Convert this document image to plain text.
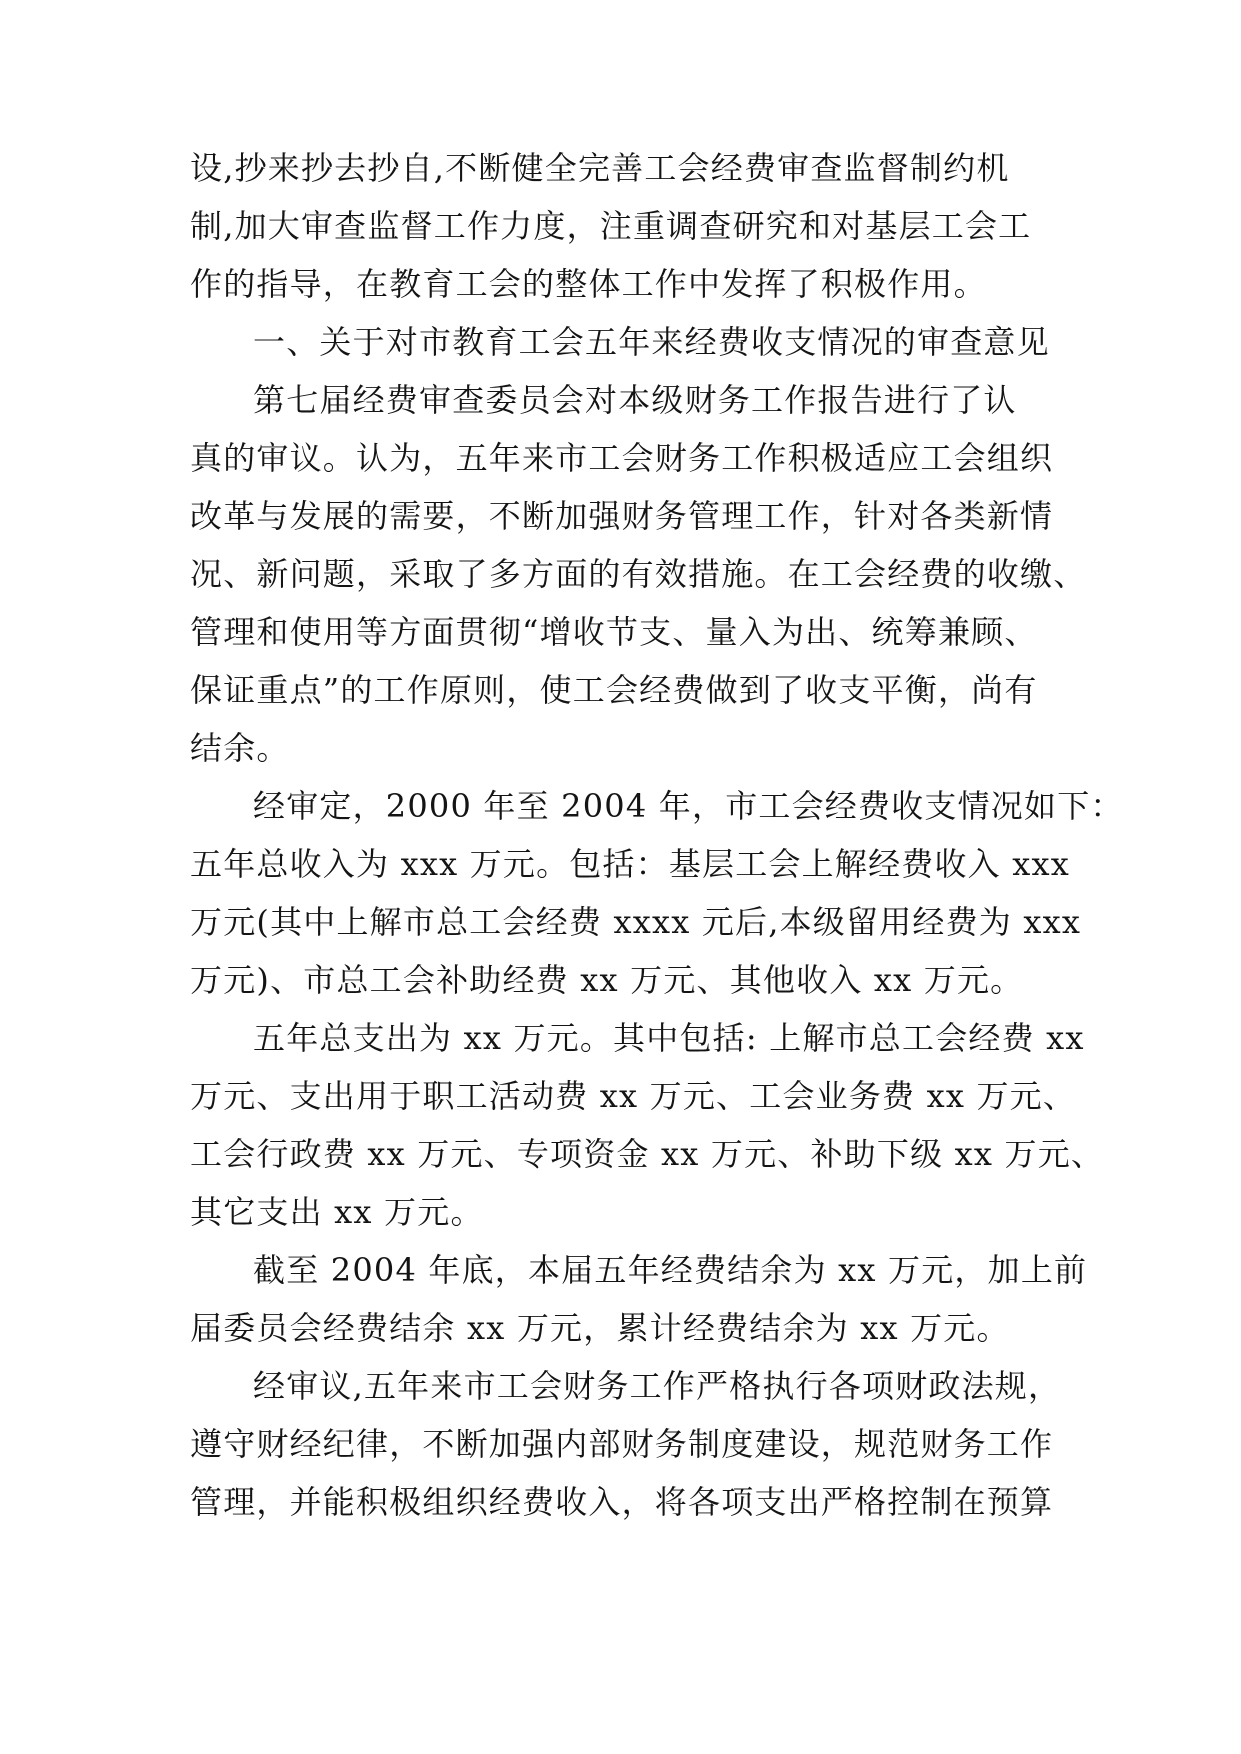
设,抄来抄去抄自,不断健全完善工会经费审查监督制约机
制,加大审查监督工作力度，注重调查研究和对基层工会工
作的指导，在教育工会的整体工作中发挥了积极作用。
一、关于对市教育工会五年来经费收支情况的审查意见
第七届经费审查委员会对本级财务工作报告进行了认
真的审议。认为，五年来市工会财务工作积极适应工会组织
改革与发展的需要，不断加强财务管理工作，针对各类新情
况、新问题，采取了多方面的有效措施。在工会经费的收缴、
管理和使用等方面贯彻“增收节支、量入为出、统筹兼顾、
保证重点”的工作原则，使工会经费做到了收支平衡，尚有
结余。
经审定，2000 年至 2004 年，市工会经费收支情况如下：
五年总收入为 xxx 万元。包括：基层工会上解经费收入 xxx
万元(其中上解市总工会经费 xxxx 元后,本级留用经费为 xxx
万元)、市总工会补助经费 xx 万元、其他收入 xx 万元。
五年总支出为 xx 万元。其中包括: 上解市总工会经费 xx
万元、支出用于职工活动费 xx 万元、工会业务费 xx 万元、
工会行政费 xx 万元、专项资金 xx 万元、补助下级 xx 万元、
其它支出 xx 万元。
截至 2004 年底，本届五年经费结余为 xx 万元，加上前
届委员会经费结余 xx 万元，累计经费结余为 xx 万元。
经审议,五年来市工会财务工作严格执行各项财政法规，
遵守财经纪律，不断加强内部财务制度建设，规范财务工作
管理，并能积极组织经费收入，将各项支出严格控制在预算
